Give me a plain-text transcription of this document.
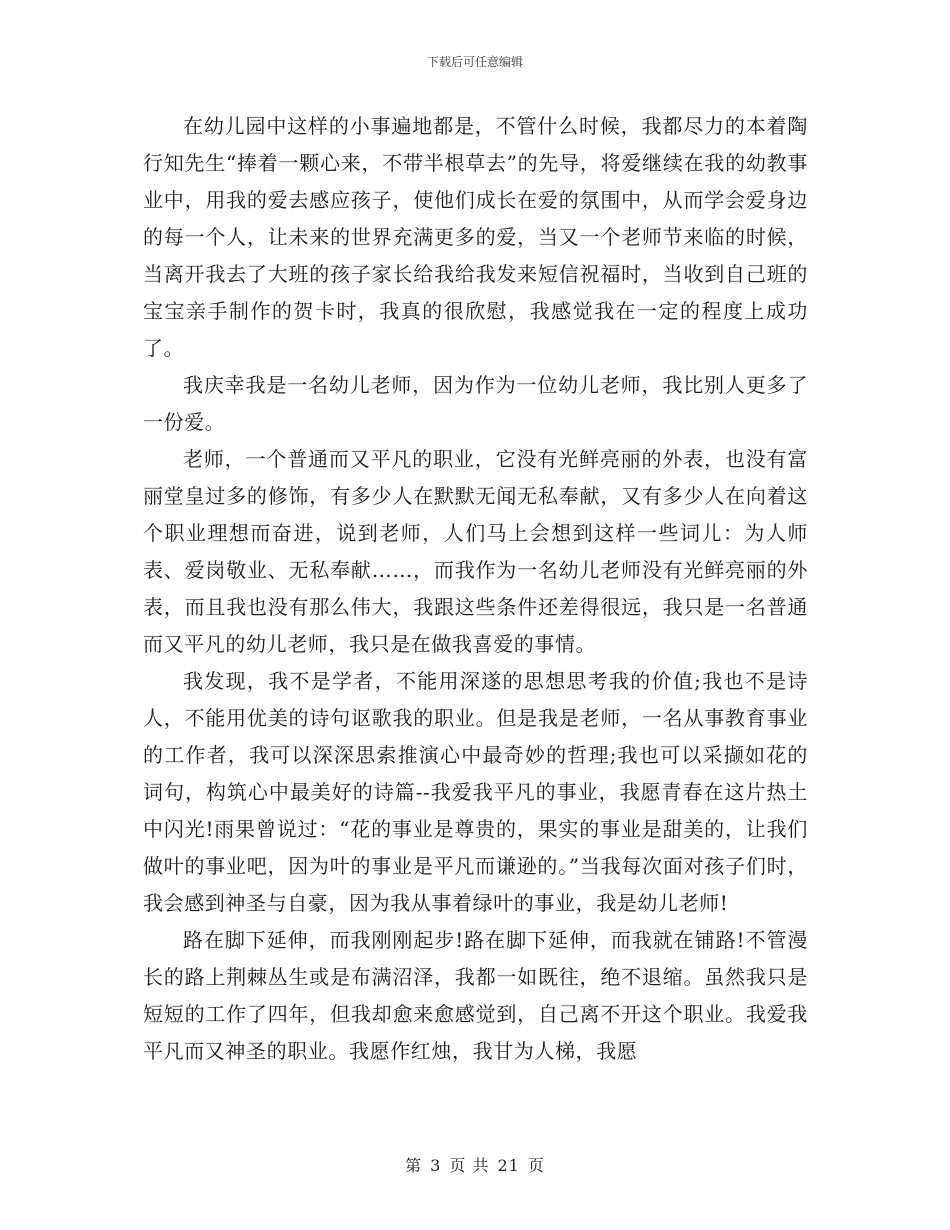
下载后可任意编辑

在幼儿园中这样的小事遍地都是，不管什么时候，我都尽力的本着陶行知先生“捧着一颗心来，不带半根草去”的先导，将爱继续在我的幼教事业中，用我的爱去感应孩子，使他们成长在爱的氛围中，从而学会爱身边的每一个人，让未来的世界充满更多的爱，当又一个老师节来临的时候，当离开我去了大班的孩子家长给我给我发来短信祝福时，当收到自己班的宝宝亲手制作的贺卡时，我真的很欣慰，我感觉我在一定的程度上成功了。

我庆幸我是一名幼儿老师，因为作为一位幼儿老师，我比别人更多了一份爱。

老师，一个普通而又平凡的职业，它没有光鲜亮丽的外表，也没有富丽堂皇过多的修饰，有多少人在默默无闻无私奉献，又有多少人在向着这个职业理想而奋进，说到老师，人们马上会想到这样一些词儿：为人师表、爱岗敬业、无私奉献……，而我作为一名幼儿老师没有光鲜亮丽的外表，而且我也没有那么伟大，我跟这些条件还差得很远，我只是一名普通而又平凡的幼儿老师，我只是在做我喜爱的事情。

我发现，我不是学者，不能用深遂的思想思考我的价值;我也不是诗人，不能用优美的诗句讴歌我的职业。但是我是老师，一名从事教育事业的工作者，我可以深深思索推演心中最奇妙的哲理;我也可以采撷如花的词句，构筑心中最美好的诗篇--我爱我平凡的事业，我愿青春在这片热土中闪光!雨果曾说过：“花的事业是尊贵的，果实的事业是甜美的，让我们做叶的事业吧，因为叶的事业是平凡而谦逊的。”当我每次面对孩子们时，我会感到神圣与自豪，因为我从事着绿叶的事业，我是幼儿老师!

路在脚下延伸，而我刚刚起步!路在脚下延伸，而我就在铺路!不管漫长的路上荆棘丛生或是布满沼泽，我都一如既往，绝不退缩。虽然我只是短短的工作了四年，但我却愈来愈感觉到，自己离不开这个职业。我爱我平凡而又神圣的职业。我愿作红烛，我甘为人梯，我愿

第 3 页 共 21 页
